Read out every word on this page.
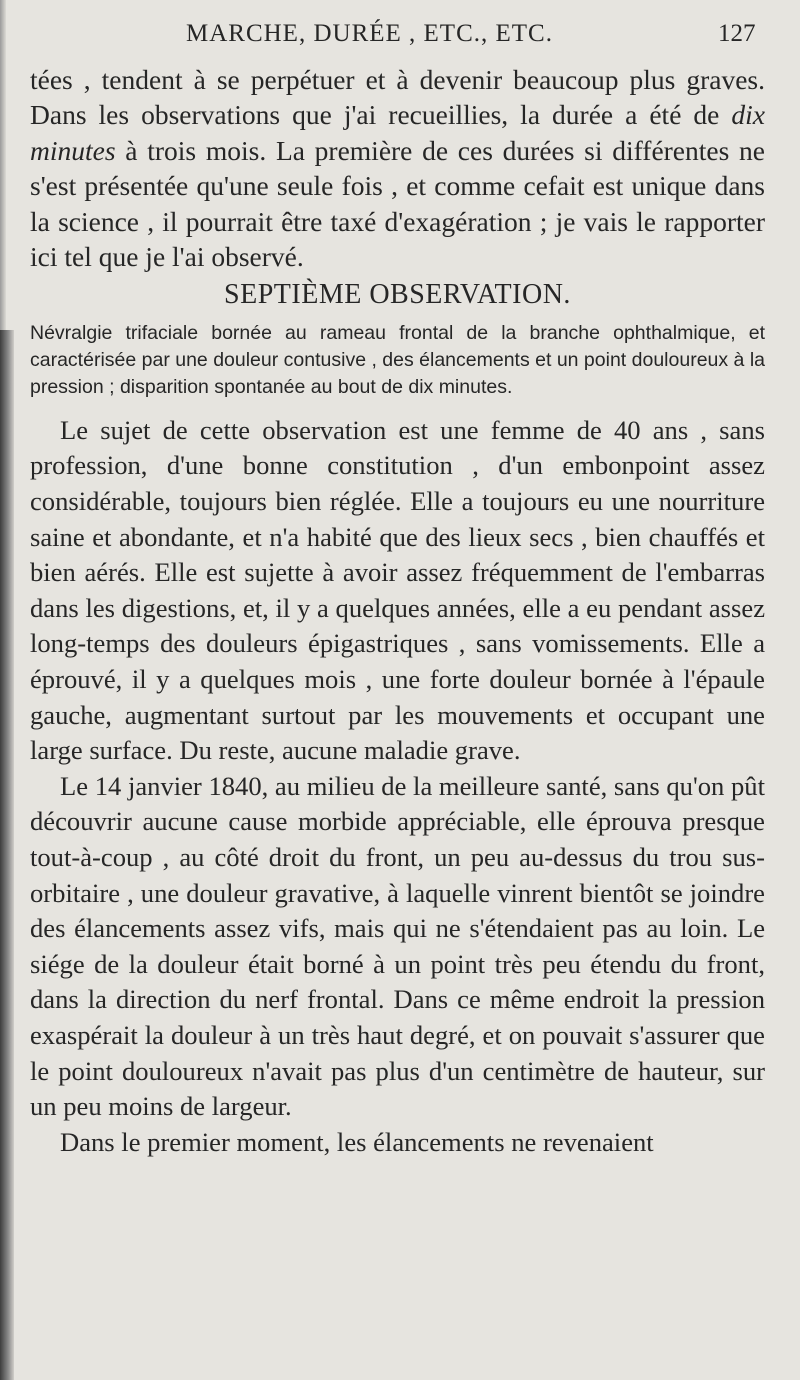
MARCHE, DURÉE , ETC., ETC.	127

tées , tendent à se perpétuer et à devenir beaucoup plus graves. Dans les observations que j'ai recueillies, la durée a été de dix minutes à trois mois. La première de ces durées si différentes ne s'est présentée qu'une seule fois , et comme cefait est unique dans la science , il pourrait être taxé d'exagération ; je vais le rapporter ici tel que je l'ai observé.

SEPTIÈME OBSERVATION.

Névralgie trifaciale bornée au rameau frontal de la branche ophthalmique, et caractérisée par une douleur contusive , des élancements et un point douloureux à la pression ; disparition spontanée au bout de dix minutes.

Le sujet de cette observation est une femme de 40 ans , sans profession, d'une bonne constitution , d'un embonpoint assez considérable, toujours bien réglée. Elle a toujours eu une nourriture saine et abondante, et n'a habité que des lieux secs , bien chauffés et bien aérés. Elle est sujette à avoir assez fréquemment de l'embarras dans les digestions, et, il y a quelques années, elle a eu pendant assez long-temps des douleurs épigastriques , sans vomissements. Elle a éprouvé, il y a quelques mois , une forte douleur bornée à l'épaule gauche, augmentant surtout par les mouvements et occupant une large surface. Du reste, aucune maladie grave.

Le 14 janvier 1840, au milieu de la meilleure santé, sans qu'on pût découvrir aucune cause morbide appréciable, elle éprouva presque tout-à-coup , au côté droit du front, un peu au-dessus du trou sus-orbitaire , une douleur gravative, à laquelle vinrent bientôt se joindre des élancements assez vifs, mais qui ne s'étendaient pas au loin. Le siége de la douleur était borné à un point très peu étendu du front, dans la direction du nerf frontal. Dans ce même endroit la pression exaspérait la douleur à un très haut degré, et on pouvait s'assurer que le point douloureux n'avait pas plus d'un centimètre de hauteur, sur un peu moins de largeur.

Dans le premier moment, les élancements ne revenaient
